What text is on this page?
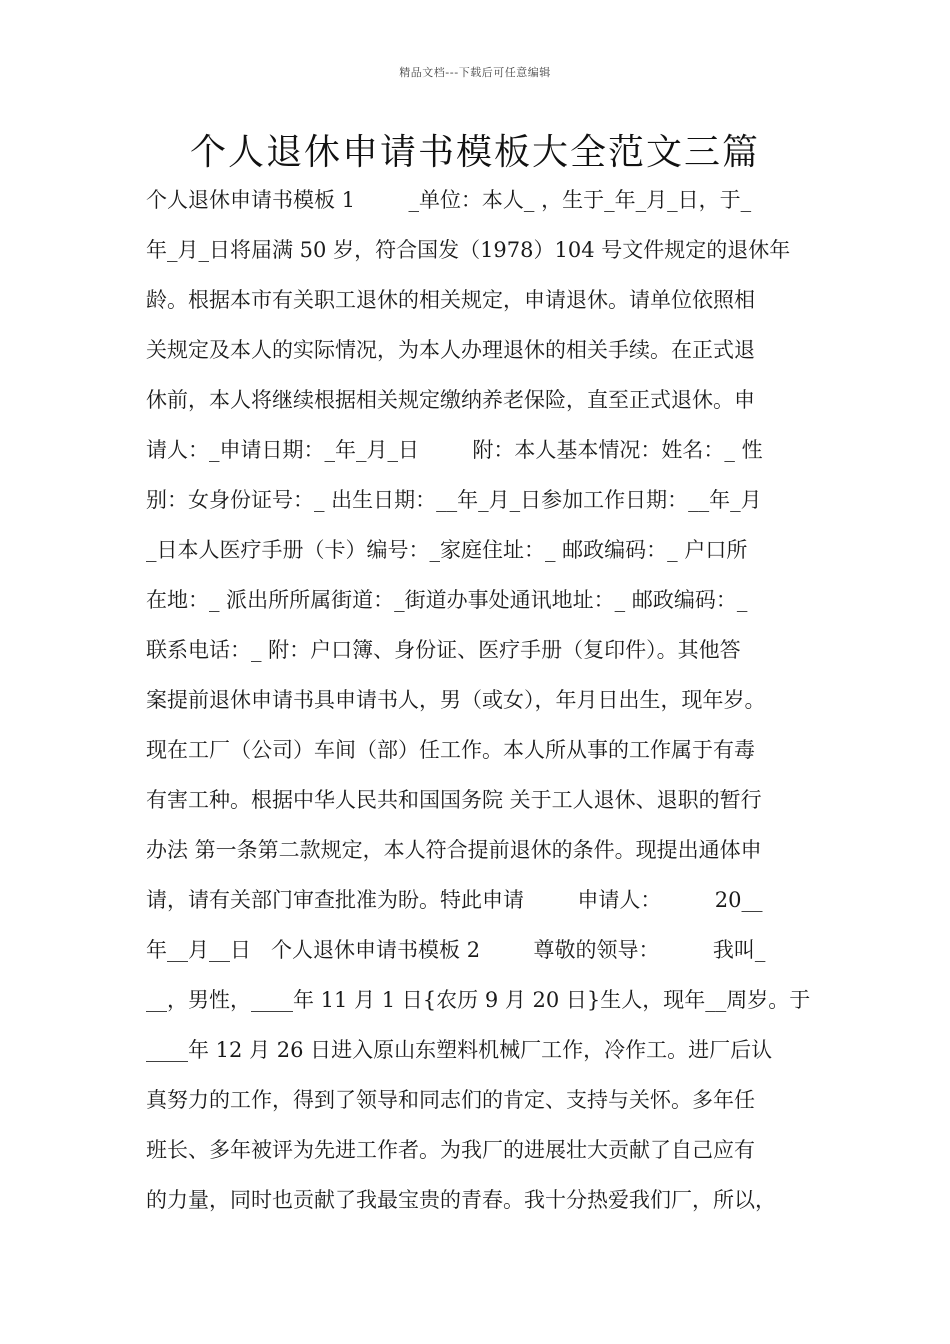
精品文档---下载后可任意编辑
个人退休申请书模板大全范文三篇
个人退休申请书模板 1        _单位：本人_ ，生于_年_月_日，于_
年_月_日将届满 50 岁，符合国发（1978）104 号文件规定的退休年
龄。根据本市有关职工退休的相关规定，申请退休。请单位依照相
关规定及本人的实际情况，为本人办理退休的相关手续。在正式退
休前，本人将继续根据相关规定缴纳养老保险，直至正式退休。申
请人：_申请日期：_年_月_日        附：本人基本情况：姓名：_ 性
别：女身份证号：_ 出生日期：__年_月_日参加工作日期：__年_月
_日本人医疗手册（卡）编号：_家庭住址：_ 邮政编码：_ 户口所
在地：_ 派出所所属街道：_街道办事处通讯地址：_ 邮政编码：_
联系电话：_ 附：户口簿、身份证、医疗手册（复印件）。其他答
案提前退休申请书具申请书人，男（或女），年月日出生，现年岁。
现在工厂（公司）车间（部）任工作。本人所从事的工作属于有毒
有害工种。根据中华人民共和国国务院 关于工人退休、退职的暂行
办法 第一条第二款规定，本人符合提前退休的条件。现提出通体申
请，请有关部门审查批准为盼。特此申请        申请人：        20__
年__月__日   个人退休申请书模板 2        尊敬的领导：        我叫_
__，男性，____年 11 月 1 日{农历 9 月 20 日}生人，现年__周岁。于
____年 12 月 26 日进入原山东塑料机械厂工作，冷作工。进厂后认
真努力的工作，得到了领导和同志们的肯定、支持与关怀。多年任
班长、多年被评为先进工作者。为我厂的进展壮大贡献了自己应有
的力量，同时也贡献了我最宝贵的青春。我十分热爱我们厂，所以，
